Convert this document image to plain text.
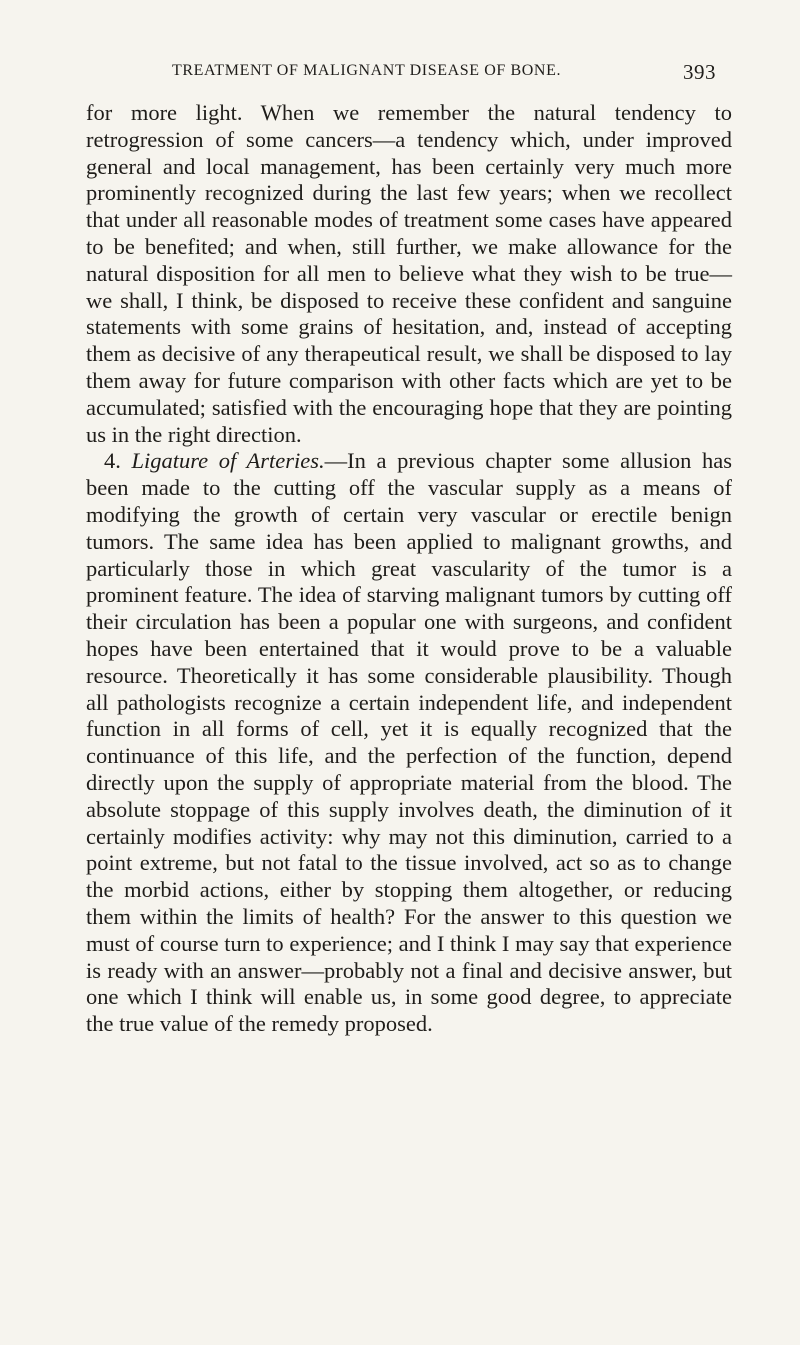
TREATMENT OF MALIGNANT DISEASE OF BONE.	393

for more light. When we remember the natural tendency to retrogression of some cancers—a tendency which, under improved general and local management, has been certainly very much more prominently recognized during the last few years; when we recollect that under all reasonable modes of treatment some cases have appeared to be benefited; and when, still further, we make allowance for the natural disposition for all men to believe what they wish to be true—we shall, I think, be disposed to receive these confident and sanguine statements with some grains of hesitation, and, instead of accepting them as decisive of any therapeutical result, we shall be disposed to lay them away for future comparison with other facts which are yet to be accumulated; satisfied with the encouraging hope that they are pointing us in the right direction.

4. Ligature of Arteries.—In a previous chapter some allusion has been made to the cutting off the vascular supply as a means of modifying the growth of certain very vascular or erectile benign tumors. The same idea has been applied to malignant growths, and particularly those in which great vascularity of the tumor is a prominent feature. The idea of starving malignant tumors by cutting off their circulation has been a popular one with surgeons, and confident hopes have been entertained that it would prove to be a valuable resource. Theoretically it has some considerable plausibility. Though all pathologists recognize a certain independent life, and independent function in all forms of cell, yet it is equally recognized that the continuance of this life, and the perfection of the function, depend directly upon the supply of appropriate material from the blood. The absolute stoppage of this supply involves death, the diminution of it certainly modifies activity: why may not this diminution, carried to a point extreme, but not fatal to the tissue involved, act so as to change the morbid actions, either by stopping them altogether, or reducing them within the limits of health? For the answer to this question we must of course turn to experience; and I think I may say that experience is ready with an answer—probably not a final and decisive answer, but one which I think will enable us, in some good degree, to appreciate the true value of the remedy proposed.
